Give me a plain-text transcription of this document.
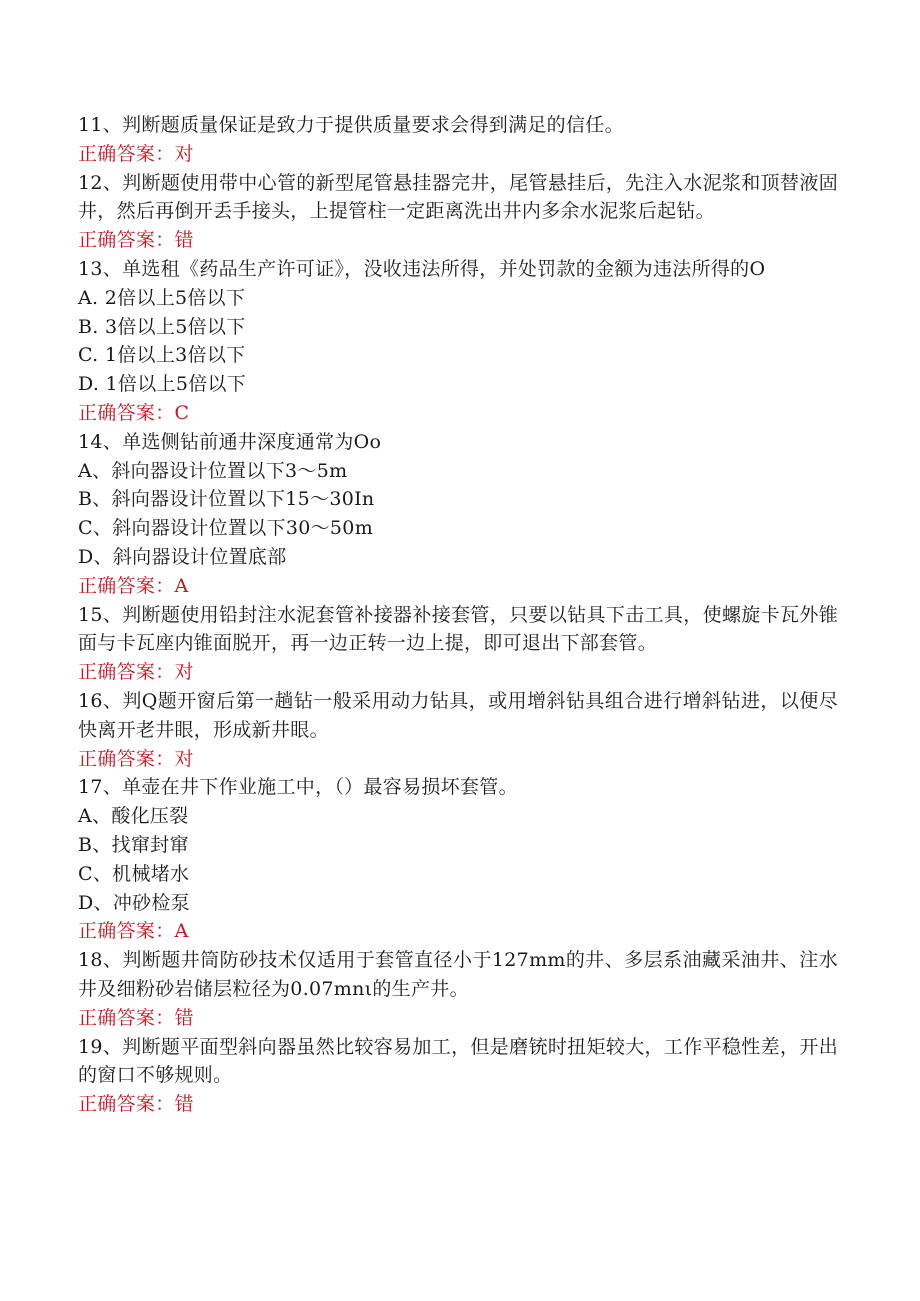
11、判断题质量保证是致力于提供质量要求会得到满足的信任。
正确答案：对
12、判断题使用带中心管的新型尾管悬挂器完井，尾管悬挂后，先注入水泥浆和顶替液固井，然后再倒开丢手接头，上提管柱一定距离洗出井内多余水泥浆后起钻。
正确答案：错
13、单选租《药品生产许可证》，没收违法所得，并处罚款的金额为违法所得的O
A. 2倍以上5倍以下
B. 3倍以上5倍以下
C. 1倍以上3倍以下
D. 1倍以上5倍以下
正确答案：C
14、单选侧钻前通井深度通常为Oo
A、斜向器设计位置以下3～5m
B、斜向器设计位置以下15～30In
C、斜向器设计位置以下30～50m
D、斜向器设计位置底部
正确答案：A
15、判断题使用铅封注水泥套管补接器补接套管，只要以钻具下击工具，使螺旋卡瓦外锥面与卡瓦座内锥面脱开，再一边正转一边上提，即可退出下部套管。
正确答案：对
16、判Q题开窗后第一趟钻一般采用动力钻具，或用增斜钻具组合进行增斜钻进，以便尽快离开老井眼，形成新井眼。
正确答案：对
17、单壶在井下作业施工中，（）最容易损坏套管。
A、酸化压裂
B、找窜封窜
C、机械堵水
D、冲砂检泵
正确答案：A
18、判断题井筒防砂技术仅适用于套管直径小于127mm的井、多层系油藏采油井、注水井及细粉砂岩储层粒径为0.07mnι的生产井。
正确答案：错
19、判断题平面型斜向器虽然比较容易加工，但是磨铳时扭矩较大，工作平稳性差，开出的窗口不够规则。
正确答案：错
